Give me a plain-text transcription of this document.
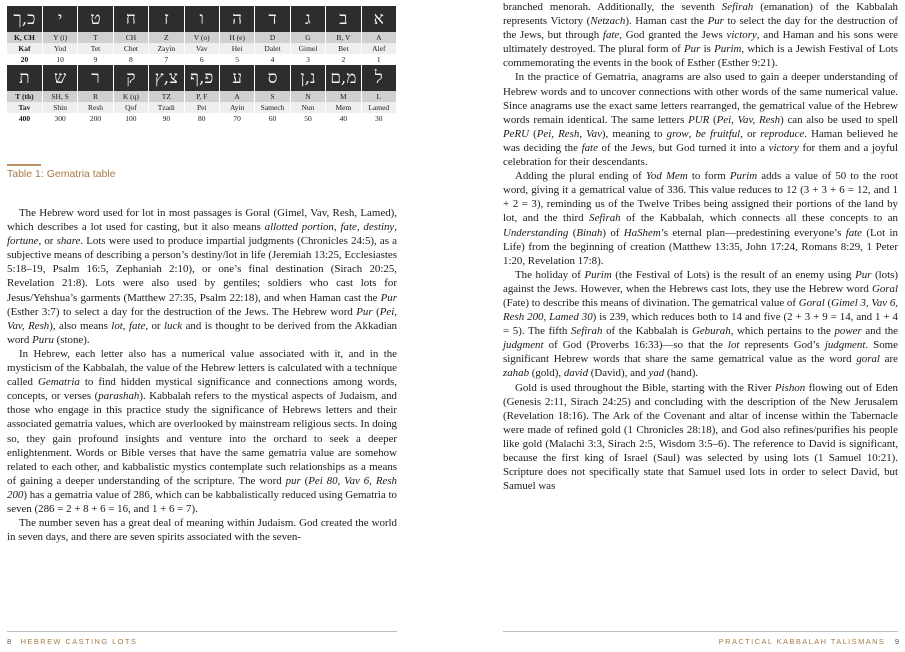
כ,ך	י	ט	ח	ז	ו	ה	ד	ג	ב	א
K, CH	Y (i)	T	CH	Z	V (o)	H (e)	D	G	B, V	A
Kaf	Yod	Tet	Chet	Zayin	Vav	Hei	Dalet	Gimel	Bet	Alef
20	10	9	8	7	6	5	4	3	2	1
ת	ש	ר	ק	צ,ץ	פ,ף	ע	ס	נ,ן	מ,ם	ל
T (th)	SH, S	R	K (q)	TZ	P, F	A	S	N	M	L
Tav	Shin	Resh	Qof	Tzadi	Pei	Ayin	Samech	Nun	Mem	Lamed
400	300	200	100	90	80	70	60	50	40	30
Table 1: Gematria table

The Hebrew word used for lot in most passages is Goral (Gimel, Vav, Resh, Lamed), which describes a lot used for casting, but it also means allotted portion, fate, destiny, fortune, or share. Lots were used to produce impartial judgments (Chronicles 24:5), as a subjective means of describing a person’s destiny/lot in life (Jeremiah 13:25, Ecclesiastes 5:18–19, Psalm 16:5, Zephaniah 2:10), or one’s final destination (Sirach 20:25, Revelation 21:8). Lots were also used by gentiles; soldiers who cast lots for Jesus/Yehshua’s garments (Matthew 27:35, Psalm 22:18), and when Haman cast the Pur (Esther 3:7) to select a day for the destruction of the Jews. The Hebrew word Pur (Pei, Vav, Resh), also means lot, fate, or luck and is thought to be derived from the Akkadian word Puru (stone).

In Hebrew, each letter also has a numerical value associated with it, and in the mysticism of the Kabbalah, the value of the Hebrew letters is calculated with a technique called Gematria to find hidden mystical significance and connections among words, concepts, or verses (parashah). Kabbalah refers to the mystical aspects of Judaism, and those who engage in this practice study the significance of Hebrews letters and their associated gematria values, which are overlooked by mainstream religious sects. In doing so, they gain profound insights and venture into the orchard to seek a deeper enlightenment. Words or Bible verses that have the same gematria value are somehow related to each other, and kabbalistic mystics contemplate such relationships as a means of gaining a deeper understanding of the scripture. The word pur (Pei 80, Vav 6, Resh 200) has a gematria value of 286, which can be kabbalistically reduced using Gematria to seven (286 = 2 + 8 + 6 = 16, and 1 + 6 = 7).

The number seven has a great deal of meaning within Judaism. God created the world in seven days, and there are seven spirits associated with the seven-

8 HEBREW CASTING LOTS

branched menorah. Additionally, the seventh Sefirah (emanation) of the Kabbalah represents Victory (Netzach). Haman cast the Pur to select the day for the destruction of the Jews, but through fate, God granted the Jews victory, and Haman and his sons were ultimately destroyed. The plural form of Pur is Purim, which is a Jewish Festival of Lots commemorating the events in the book of Esther (Esther 9:21).

In the practice of Gematria, anagrams are also used to gain a deeper understanding of Hebrew words and to uncover connections with other words of the same numerical value. Since anagrams use the exact same letters rearranged, the gematrical value of the Hebrew words remain identical. The same letters PUR (Pei, Vav, Resh) can also be used to spell PeRU (Pei, Resh, Vav), meaning to grow, be fruitful, or reproduce. Haman believed he was deciding the fate of the Jews, but God turned it into a victory for them and a joyful celebration for their descendants.

Adding the plural ending of Yod Mem to form Purim adds a value of 50 to the root word, giving it a gematrical value of 336. This value reduces to 12 (3 + 3 + 6 = 12, and 1 + 2 = 3), reminding us of the Twelve Tribes being assigned their portions of the land by lot, and the third Sefirah of the Kabbalah, which connects all these concepts to an Understanding (Binah) of HaShem’s eternal plan—predestining everyone’s fate (Lot in Life) from the beginning of creation (Matthew 13:35, John 17:24, Romans 8:29, 1 Peter 1:20, Revelation 17:8).

The holiday of Purim (the Festival of Lots) is the result of an enemy using Pur (lots) against the Jews. However, when the Hebrews cast lots, they use the Hebrew word Goral (Fate) to describe this means of divination. The gematrical value of Goral (Gimel 3, Vav 6, Resh 200, Lamed 30) is 239, which reduces both to 14 and five (2 + 3 + 9 = 14, and 1 + 4 = 5). The fifth Sefirah of the Kabbalah is Geburah, which pertains to the power and the judgment of God (Proverbs 16:33)—so that the lot represents God’s judgment. Some significant Hebrew words that share the same gematrical value as the word goral are zahab (gold), david (David), and yad (hand).

Gold is used throughout the Bible, starting with the River Pishon flowing out of Eden (Genesis 2:11, Sirach 24:25) and concluding with the description of the New Jerusalem (Revelation 18:16). The Ark of the Covenant and altar of incense within the Tabernacle were made of refined gold (1 Chronicles 28:18), and God also refines/purifies his people like gold (Malachi 3:3, Sirach 2:5, Wisdom 3:5–6). The reference to David is significant, because the first king of Israel (Saul) was selected by using lots (1 Samuel 10:21). Scripture does not specifically state that Samuel used lots in order to select David, but Samuel was

PRACTICAL KABBALAH TALISMANS 9
